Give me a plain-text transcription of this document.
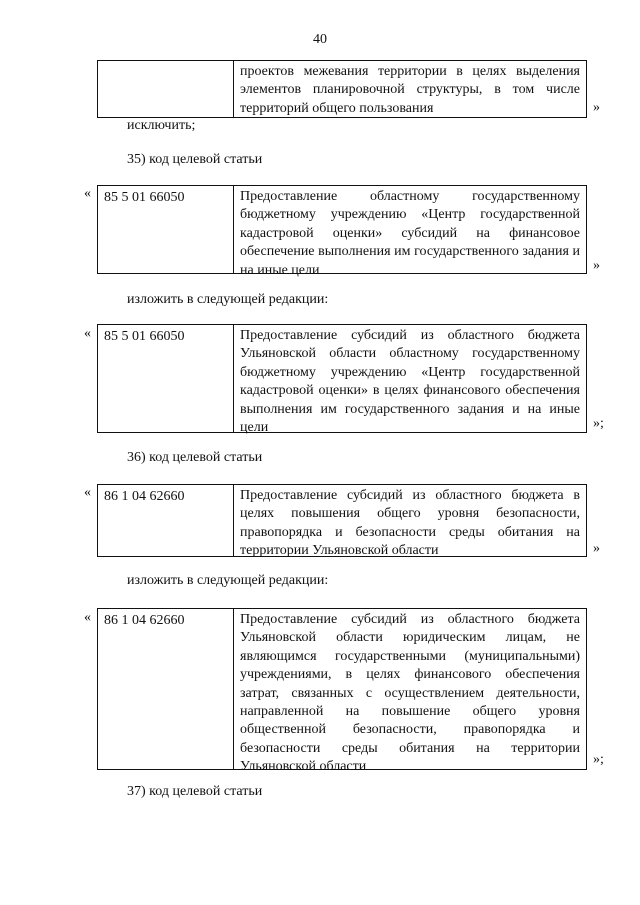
40
проектов межевания территории в целях выделения элементов планировочной структуры, в том числе территорий общего пользования	»
исключить;
35) код целевой статьи
« 85 5 01 66050	Предоставление областному государственному бюджетному учреждению «Центр государственной кадастровой оценки» субсидий на финансовое обеспечение выполнения им государственного задания и на иные цели	»
изложить в следующей редакции:
« 85 5 01 66050	Предоставление субсидий из областного бюджета Ульяновской области областному государственному бюджетному учреждению «Центр государственной кадастровой оценки» в целях финансового обеспечения выполнения им государственного задания и на иные цели	»;
36) код целевой статьи
« 86 1 04 62660	Предоставление субсидий из областного бюджета в целях повышения общего уровня безопасности, правопорядка и безопасности среды обитания на территории Ульяновской области	»
изложить в следующей редакции:
« 86 1 04 62660	Предоставление субсидий из областного бюджета Ульяновской области юридическим лицам, не являющимся государственными (муниципальными) учреждениями, в целях финансового обеспечения затрат, связанных с осуществлением деятельности, направленной на повышение общего уровня общественной безопасности, правопорядка и безопасности среды обитания на территории Ульяновской области	»;
37) код целевой статьи
